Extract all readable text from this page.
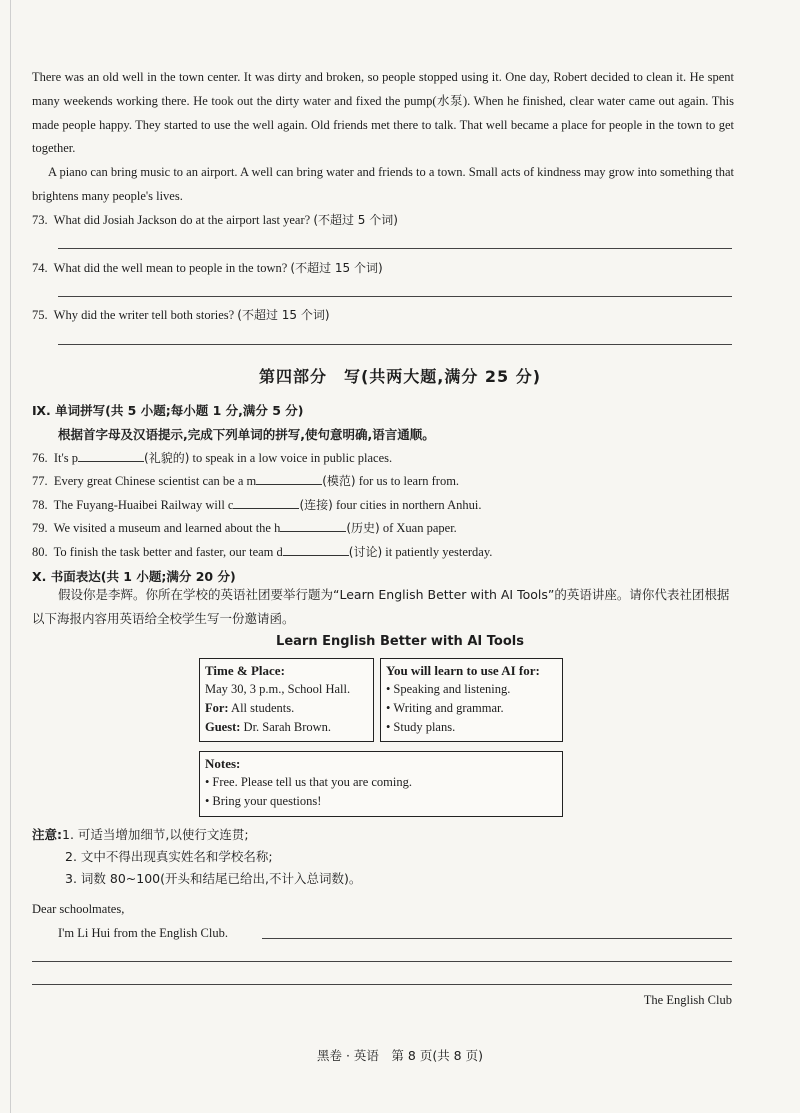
There was an old well in the town center. It was dirty and broken, so people stopped using it. One day, Robert decided to clean it. He spent many weekends working there. He took out the dirty water and fixed the pump(水泵). When he finished, clear water came out again. This made people happy. They started to use the well again. Old friends met there to talk. That well became a place for people in the town to get together.
A piano can bring music to an airport. A well can bring water and friends to a town. Small acts of kindness may grow into something that brightens many people's lives.
73. What did Josiah Jackson do at the airport last year? (不超过 5 个词)
74. What did the well mean to people in the town? (不超过 15 个词)
75. Why did the writer tell both stories? (不超过 15 个词)
第四部分　写(共两大题,满分 25 分)
Ⅸ. 单词拼写(共 5 小题;每小题 1 分,满分 5 分)
根据首字母及汉语提示,完成下列单词的拼写,使句意明确,语言通顺。
76. It's p	(礼貌的) to speak in a low voice in public places.
77. Every great Chinese scientist can be a m	(模范) for us to learn from.
78. The Fuyang-Huaibei Railway will c	(连接) four cities in northern Anhui.
79. We visited a museum and learned about the h	(历史) of Xuan paper.
80. To finish the task better and faster, our team d	(讨论) it patiently yesterday.
Ⅹ. 书面表达(共 1 小题;满分 20 分)
假设你是李辉。你所在学校的英语社团要举行题为“Learn English Better with AI Tools”的英语讲座。请你代表社团根据以下海报内容用英语给全校学生写一份邀请函。
Learn English Better with AI Tools
Time & Place:
May 30, 3 p.m., School Hall.
For: All students.
Guest: Dr. Sarah Brown.
You will learn to use AI for:
• Speaking and listening.
• Writing and grammar.
• Study plans.
Notes:
• Free. Please tell us that you are coming.
• Bring your questions!
注意:1. 可适当增加细节,以使行文连贯;
2. 文中不得出现真实姓名和学校名称;
3. 词数 80~100(开头和结尾已给出,不计入总词数)。
Dear schoolmates,
I'm Li Hui from the English Club.
The English Club
黑卷 · 英语　第 8 页(共 8 页)
